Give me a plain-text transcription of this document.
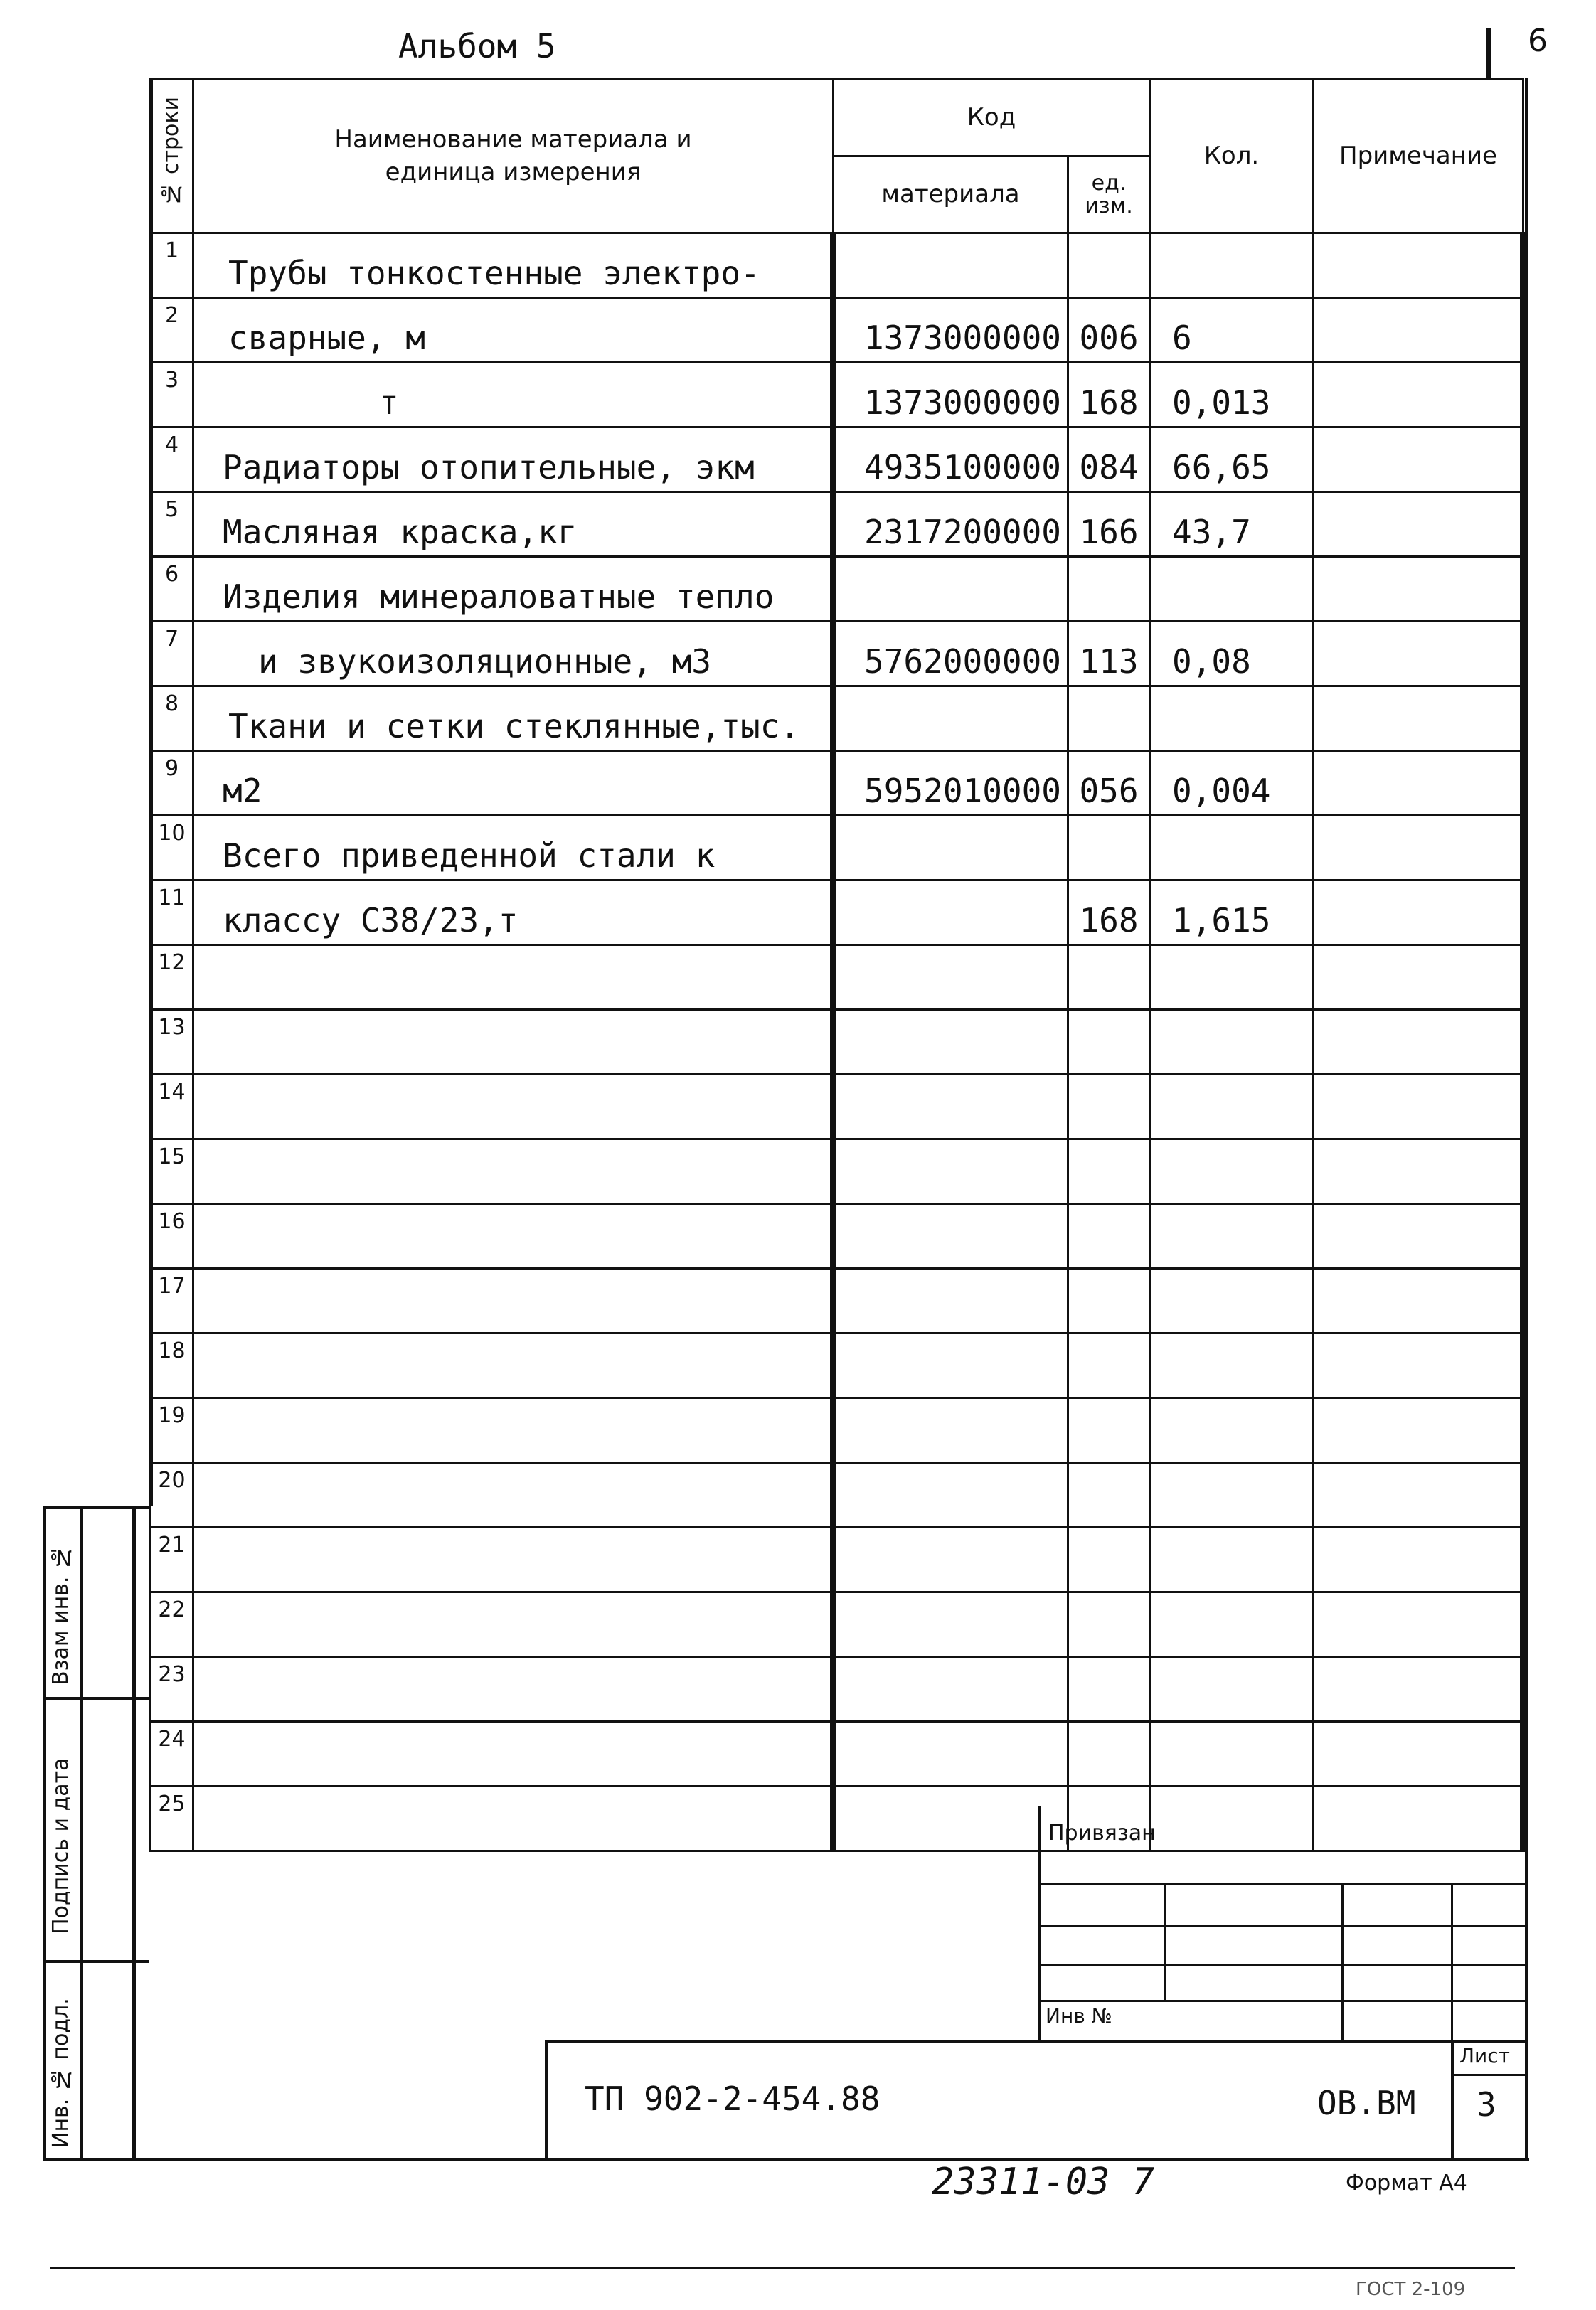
Альбом 5	6
№ строки	Наименование материала и единица измерения	Код		Кол.	Примечание
		материала	ед. изм.		
1	Трубы тонкостенные электро-				
2	сварные, м	1373000000	006	6	
3	т	1373000000	168	0,013	
4	Радиаторы отопительные, экм	4935100000	084	66,65	
5	Масляная краска,кг	2317200000	166	43,7	
6	Изделия минераловатные тепло				
7	и звукоизоляционные, м3	5762000000	113	0,08	
8	Ткани и сетки стеклянные,тыс.				
9	м2	5952010000	056	0,004	
10	Всего приведенной стали к				
11	классу С38/23,т		168	1,615	
12					
13					
14					
15					
16					
17					
18					
19					
20					
21					
22					
23					
24					
25					
Взам инв. №
Подпись и дата
Инв. № подл.
Привязан
Инв №
ТП 902-2-454.88	ОВ.ВМ
Лист
3
23311-03 7	Формат А4
ГОСТ 2-109
